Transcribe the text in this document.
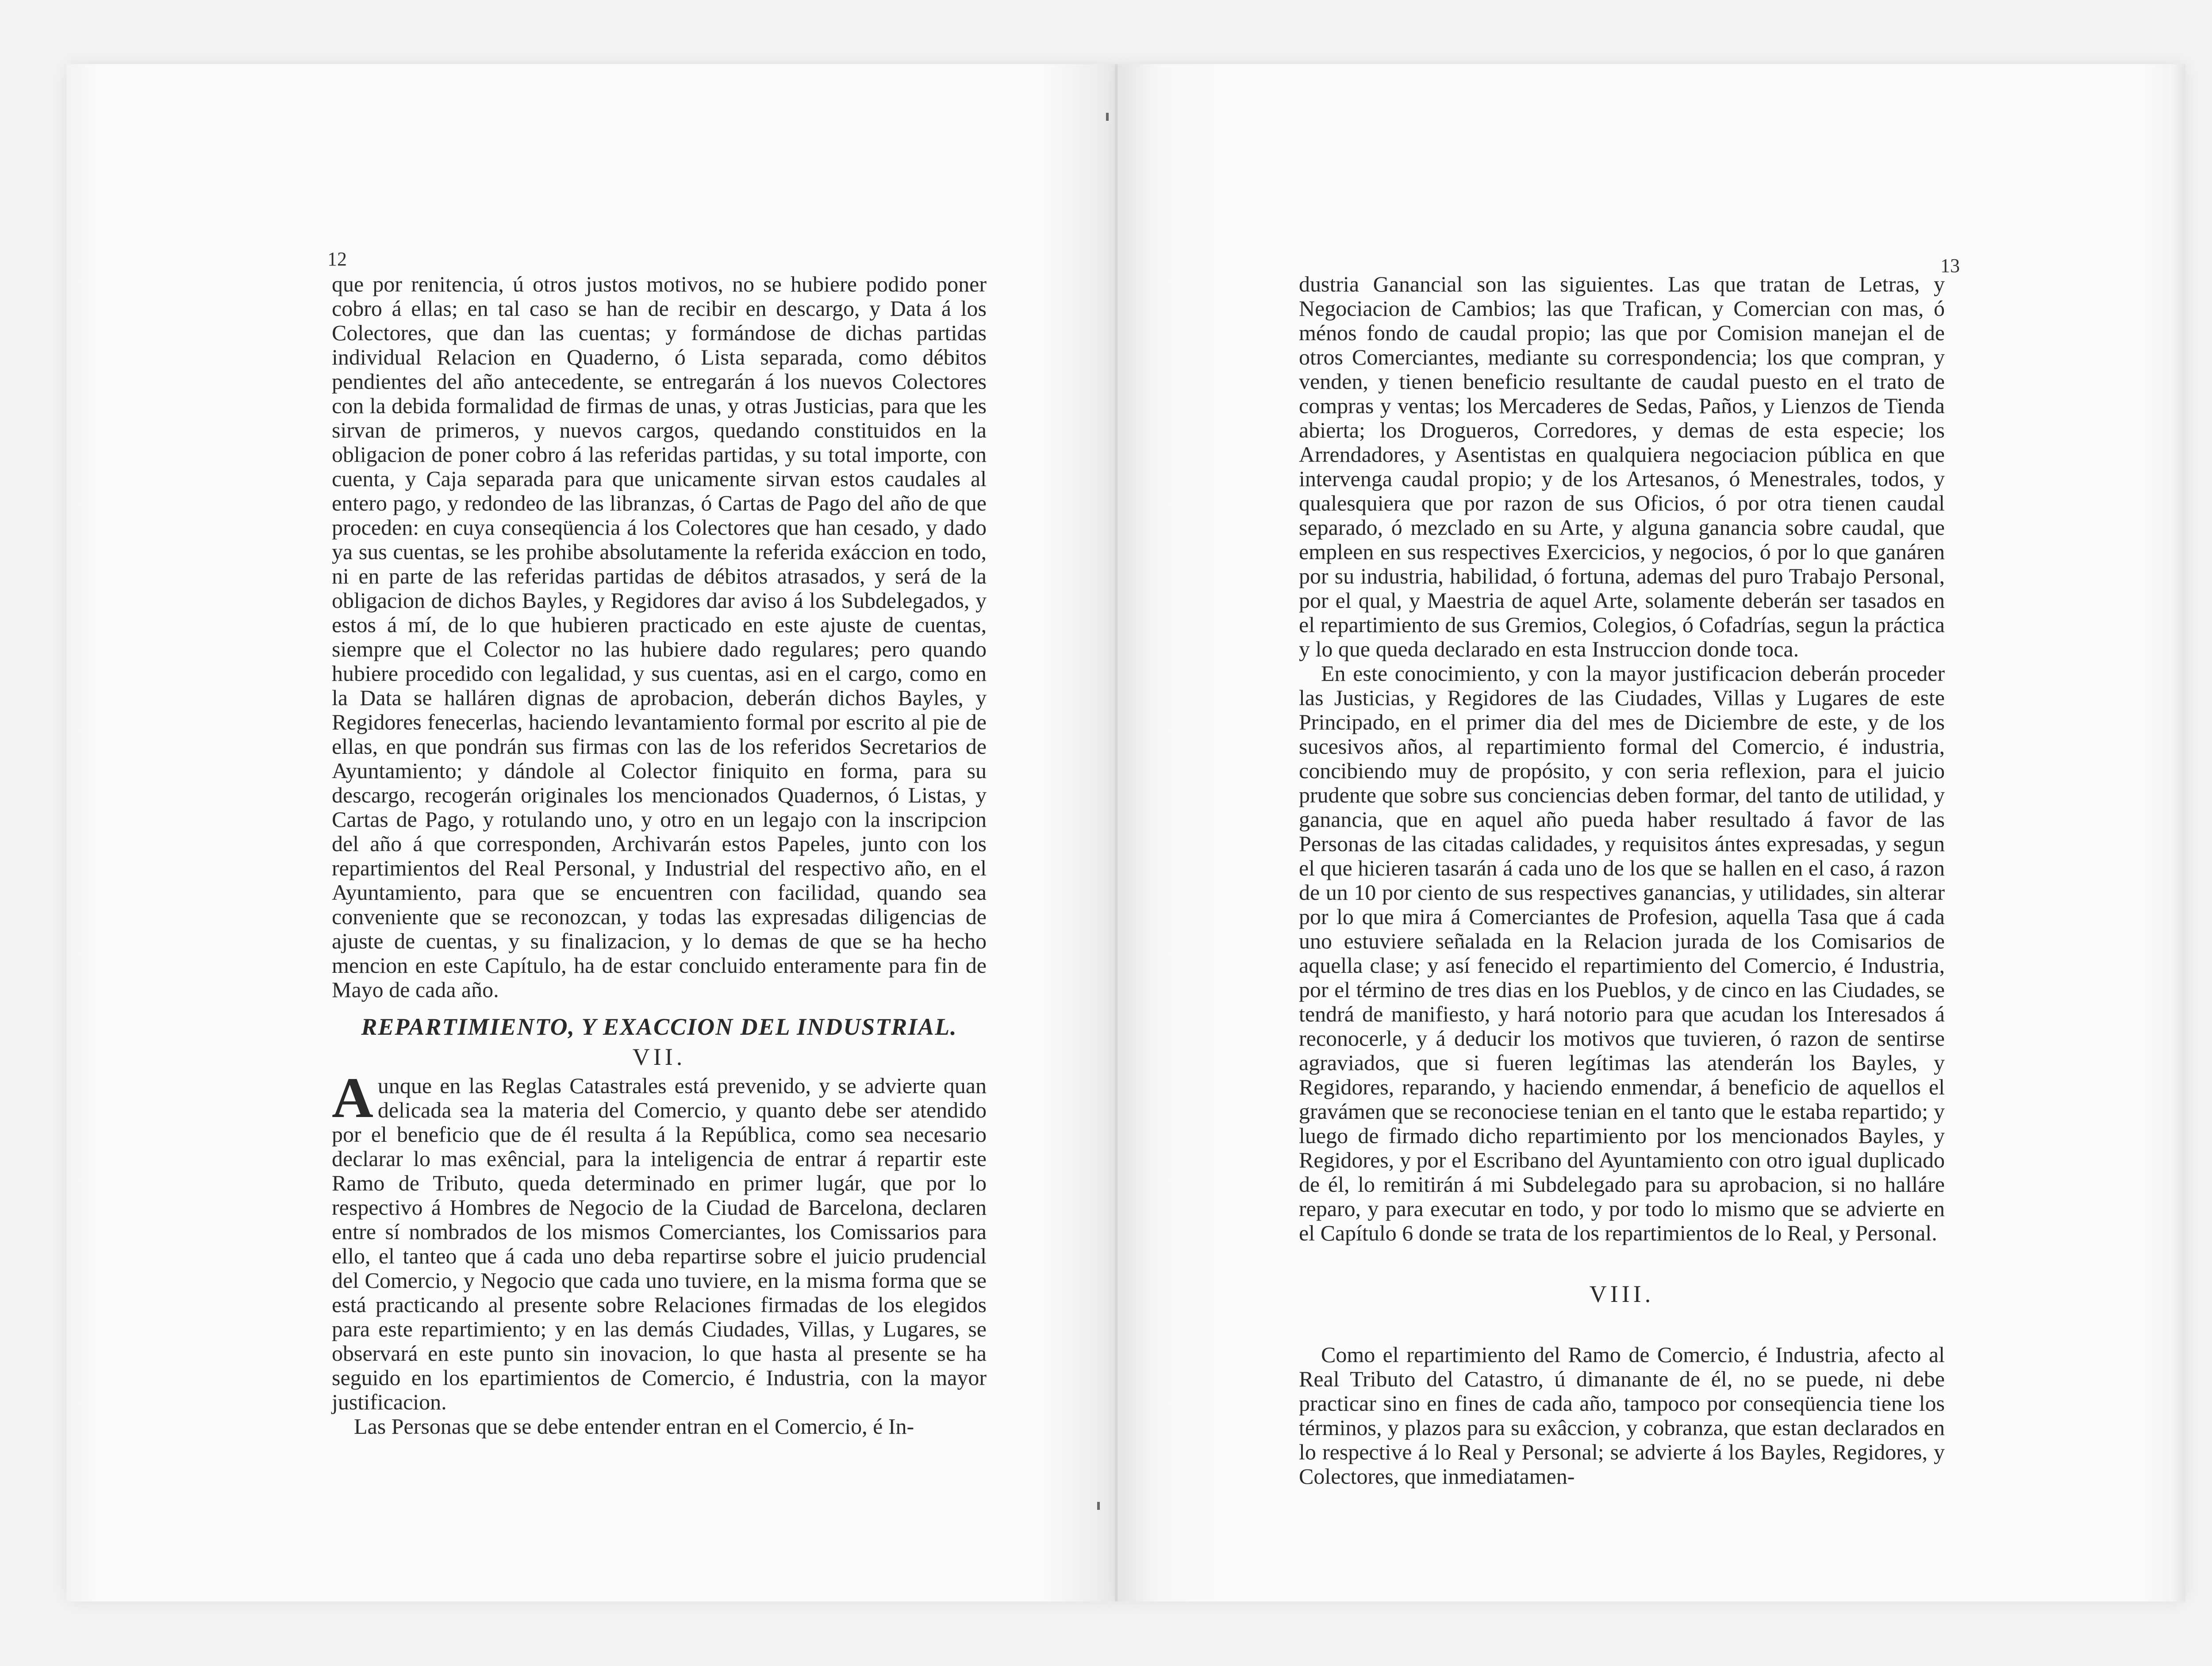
12

que por renitencia, ú otros justos motivos, no se hubiere podido poner cobro á ellas; en tal caso se han de recibir en descargo, y Data á los Colectores, que dan las cuentas; y formándose de dichas partidas individual Relacion en Quaderno, ó Lista separada, como débitos pendientes del año antecedente, se entregarán á los nuevos Colectores con la debida formalidad de firmas de unas, y otras Justicias, para que les sirvan de primeros, y nuevos cargos, quedando constituidos en la obligacion de poner cobro á las referidas partidas, y su total importe, con cuenta, y Caja separada para que unicamente sirvan estos caudales al entero pago, y redondeo de las libranzas, ó Cartas de Pago del año de que proceden: en cuya conseqüencia á los Colectores que han cesado, y dado ya sus cuentas, se les prohibe absolutamente la referida exáccion en todo, ni en parte de las referidas partidas de débitos atrasados, y será de la obligacion de dichos Bayles, y Regidores dar aviso á los Subdelegados, y estos á mí, de lo que hubieren practicado en este ajuste de cuentas, siempre que el Colector no las hubiere dado regulares; pero quando hubiere procedido con legalidad, y sus cuentas, asi en el cargo, como en la Data se halláren dignas de aprobacion, deberán dichos Bayles, y Regidores fenecerlas, haciendo levantamiento formal por escrito al pie de ellas, en que pondrán sus firmas con las de los referidos Secretarios de Ayuntamiento; y dándole al Colector finiquito en forma, para su descargo, recogerán originales los mencionados Quadernos, ó Listas, y Cartas de Pago, y rotulando uno, y otro en un legajo con la inscripcion del año á que corresponden, Archivarán estos Papeles, junto con los repartimientos del Real Personal, y Industrial del respectivo año, en el Ayuntamiento, para que se encuentren con facilidad, quando sea conveniente que se reconozcan, y todas las expresadas diligencias de ajuste de cuentas, y su finalizacion, y lo demas de que se ha hecho mencion en este Capítulo, ha de estar concluido enteramente para fin de Mayo de cada año.

REPARTIMIENTO, Y EXACCION DEL INDUSTRIAL.
VII.

Aunque en las Reglas Catastrales está prevenido, y se advierte quan delicada sea la materia del Comercio, y quanto debe ser atendido por el beneficio que de él resulta á la República, como sea necesario declarar lo mas exêncial, para la inteligencia de entrar á repartir este Ramo de Tributo, queda determinado en primer lugár, que por lo respectivo á Hombres de Negocio de la Ciudad de Barcelona, declaren entre sí nombrados de los mismos Comerciantes, los Comissarios para ello, el tanteo que á cada uno deba repartirse sobre el juicio prudencial del Comercio, y Negocio que cada uno tuviere, en la misma forma que se está practicando al presente sobre Relaciones firmadas de los elegidos para este repartimiento; y en las demás Ciudades, Villas, y Lugares, se observará en este punto sin inovacion, lo que hasta al presente se ha seguido en los epartimientos de Comercio, é Industria, con la mayor justificacion.

Las Personas que se debe entender entran en el Comercio, é In-

13

dustria Ganancial son las siguientes. Las que tratan de Letras, y Negociacion de Cambios; las que Trafican, y Comercian con mas, ó ménos fondo de caudal propio; las que por Comision manejan el de otros Comerciantes, mediante su correspondencia; los que compran, y venden, y tienen beneficio resultante de caudal puesto en el trato de compras y ventas; los Mercaderes de Sedas, Paños, y Lienzos de Tienda abierta; los Drogueros, Corredores, y demas de esta especie; los Arrendadores, y Asentistas en qualquiera negociacion pública en que intervenga caudal propio; y de los Artesanos, ó Menestrales, todos, y qualesquiera que por razon de sus Oficios, ó por otra tienen caudal separado, ó mezclado en su Arte, y alguna ganancia sobre caudal, que empleen en sus respectives Exercicios, y negocios, ó por lo que ganáren por su industria, habilidad, ó fortuna, ademas del puro Trabajo Personal, por el qual, y Maestria de aquel Arte, solamente deberán ser tasados en el repartimiento de sus Gremios, Colegios, ó Cofadrías, segun la práctica y lo que queda declarado en esta Instruccion donde toca.

En este conocimiento, y con la mayor justificacion deberán proceder las Justicias, y Regidores de las Ciudades, Villas y Lugares de este Principado, en el primer dia del mes de Diciembre de este, y de los sucesivos años, al repartimiento formal del Comercio, é industria, concibiendo muy de propósito, y con seria reflexion, para el juicio prudente que sobre sus conciencias deben formar, del tanto de utilidad, y ganancia, que en aquel año pueda haber resultado á favor de las Personas de las citadas calidades, y requisitos ántes expresadas, y segun el que hicieren tasarán á cada uno de los que se hallen en el caso, á razon de un 10 por ciento de sus respectives ganancias, y utilidades, sin alterar por lo que mira á Comerciantes de Profesion, aquella Tasa que á cada uno estuviere señalada en la Relacion jurada de los Comisarios de aquella clase; y así fenecido el repartimiento del Comercio, é Industria, por el término de tres dias en los Pueblos, y de cinco en las Ciudades, se tendrá de manifiesto, y hará notorio para que acudan los Interesados á reconocerle, y á deducir los motivos que tuvieren, ó razon de sentirse agraviados, que si fueren legítimas las atenderán los Bayles, y Regidores, reparando, y haciendo enmendar, á beneficio de aquellos el gravámen que se reconociese tenian en el tanto que le estaba repartido; y luego de firmado dicho repartimiento por los mencionados Bayles, y Regidores, y por el Escribano del Ayuntamiento con otro igual duplicado de él, lo remitirán á mi Subdelegado para su aprobacion, si no halláre reparo, y para executar en todo, y por todo lo mismo que se advierte en el Capítulo 6 donde se trata de los repartimientos de lo Real, y Personal.

VIII.

Como el repartimiento del Ramo de Comercio, é Industria, afecto al Real Tributo del Catastro, ú dimanante de él, no se puede, ni debe practicar sino en fines de cada año, tampoco por conseqüencia tiene los términos, y plazos para su exâccion, y cobranza, que estan declarados en lo respective á lo Real y Personal; se advierte á los Bayles, Regidores, y Colectores, que inmediatamen-
